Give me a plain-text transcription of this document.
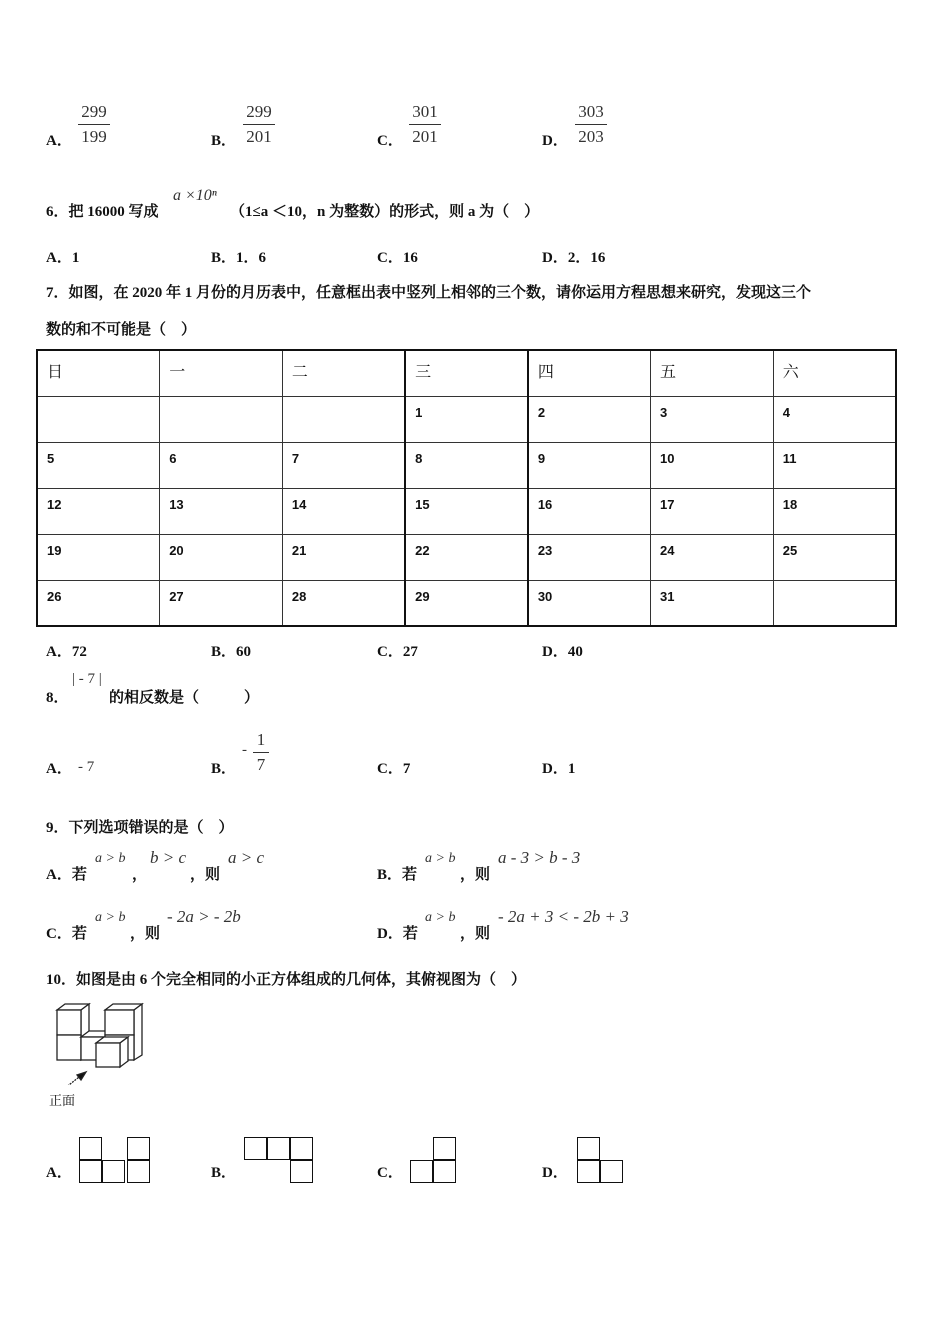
A． $\frac{299}{199}$	B． $\frac{299}{201}$	C． $\frac{301}{201}$	D． $\frac{303}{203}$
6．把 16000 写成
a ×10ⁿ
（1≤a ＜10，n 为整数）的形式，则 a 为（　）
A．1	B．1．6	C．16	D．2．16
7．如图，在 2020 年 1 月份的月历表中，任意框出表中竖列上相邻的三个数，请你运用方程思想来研究，发现这三个
数的和不可能是（　）
日	一	二	三	四	五	六
			1	2	3	4
5	6	7	8	9	10	11
12	13	14	15	16	17	18
19	20	21	22	23	24	25
26	27	28	29	30	31	
A．72	B．60	C．27	D．40
8．
| - 7 |
的相反数是（　　　）
A． - 7	B．
- $\frac{1}{7}$	C．7	D．1
9．下列选项错误的是（　）
A．若
a > b
，
b > c
，则
a > c
B．若
a > b
，则
a - 3 > b - 3
C．若
a > b
，则
- 2a > - 2b
D．若
a > b
，则
- 2a + 3 < - 2b + 3
10．如图是由 6 个完全相同的小正方体组成的几何体，其俯视图为（　）
正面
A．	B．	C．	D．
